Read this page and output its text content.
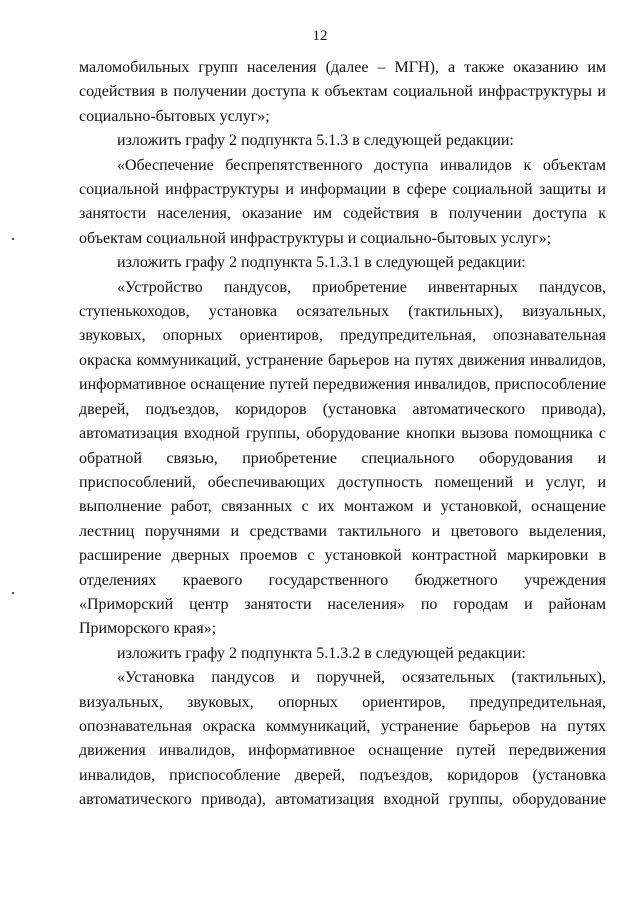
12

маломобильных групп населения (далее – МГН), а также оказанию им содействия в получении доступа к объектам социальной инфраструктуры и социально-бытовых услуг»;

изложить графу 2 подпункта 5.1.3 в следующей редакции:

«Обеспечение беспрепятственного доступа инвалидов к объектам социальной инфраструктуры и информации в сфере социальной защиты и занятости населения, оказание им содействия в получении доступа к объектам социальной инфраструктуры и социально-бытовых услуг»;

изложить графу 2 подпункта 5.1.3.1 в следующей редакции:

«Устройство пандусов, приобретение инвентарных пандусов, ступенькоходов, установка осязательных (тактильных), визуальных, звуковых, опорных ориентиров, предупредительная, опознавательная окраска коммуникаций, устранение барьеров на путях движения инвалидов, информативное оснащение путей передвижения инвалидов, приспособление дверей, подъездов, коридоров (установка автоматического привода), автоматизация входной группы, оборудование кнопки вызова помощника с обратной связью, приобретение специального оборудования и приспособлений, обеспечивающих доступность помещений и услуг, и выполнение работ, связанных с их монтажом и установкой, оснащение лестниц поручнями и средствами тактильного и цветового выделения, расширение дверных проемов с установкой контрастной маркировки в отделениях краевого государственного бюджетного учреждения «Приморский центр занятости населения» по городам и районам Приморского края»;

изложить графу 2 подпункта 5.1.3.2 в следующей редакции:

«Установка пандусов и поручней, осязательных (тактильных), визуальных, звуковых, опорных ориентиров, предупредительная, опознавательная окраска коммуникаций, устранение барьеров на путях движения инвалидов, информативное оснащение путей передвижения инвалидов, приспособление дверей, подъездов, коридоров (установка автоматического привода), автоматизация входной группы, оборудование
